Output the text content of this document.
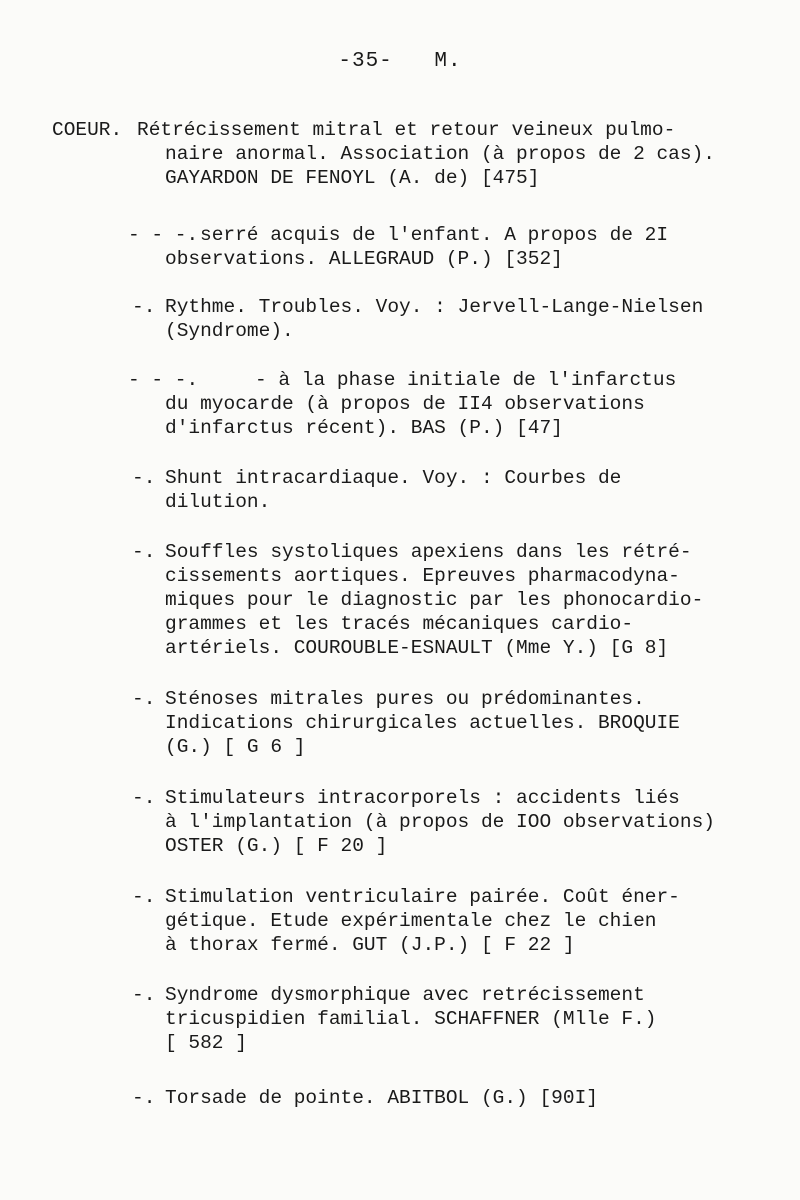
-35- M.
COEUR. Rétrécissement mitral et retour veineux pulmo-
naire anormal. Association (à propos de 2 cas).
GAYARDON DE FENOYL (A. de) [475]
- - -. serré acquis de l'enfant. A propos de 2I
observations. ALLEGRAUD (P.) [352]
-. Rythme. Troubles. Voy. : Jervell-Lange-Nielsen
(Syndrome).
- - -.	- à la phase initiale de l'infarctus
du myocarde (à propos de II4 observations
d'infarctus récent). BAS (P.) [47]
-. Shunt intracardiaque. Voy. : Courbes de
dilution.
-. Souffles systoliques apexiens dans les rétré-
cissements aortiques. Epreuves pharmacodyna-
miques pour le diagnostic par les phonocardio-
grammes et les tracés mécaniques cardio-
artériels. COUROUBLE-ESNAULT (Mme Y.) [G 8]
-. Sténoses mitrales pures ou prédominantes.
Indications chirurgicales actuelles. BROQUIE
(G.) [ G 6 ]
-. Stimulateurs intracorporels : accidents liés
à l'implantation (à propos de IOO observations)
OSTER (G.) [ F 20 ]
-. Stimulation ventriculaire pairée. Coût éner-
gétique. Etude expérimentale chez le chien
à thorax fermé. GUT (J.P.) [ F 22 ]
-. Syndrome dysmorphique avec retrécissement
tricuspidien familial. SCHAFFNER (Mlle F.)
[ 582 ]
-. Torsade de pointe. ABITBOL (G.) [90I]
